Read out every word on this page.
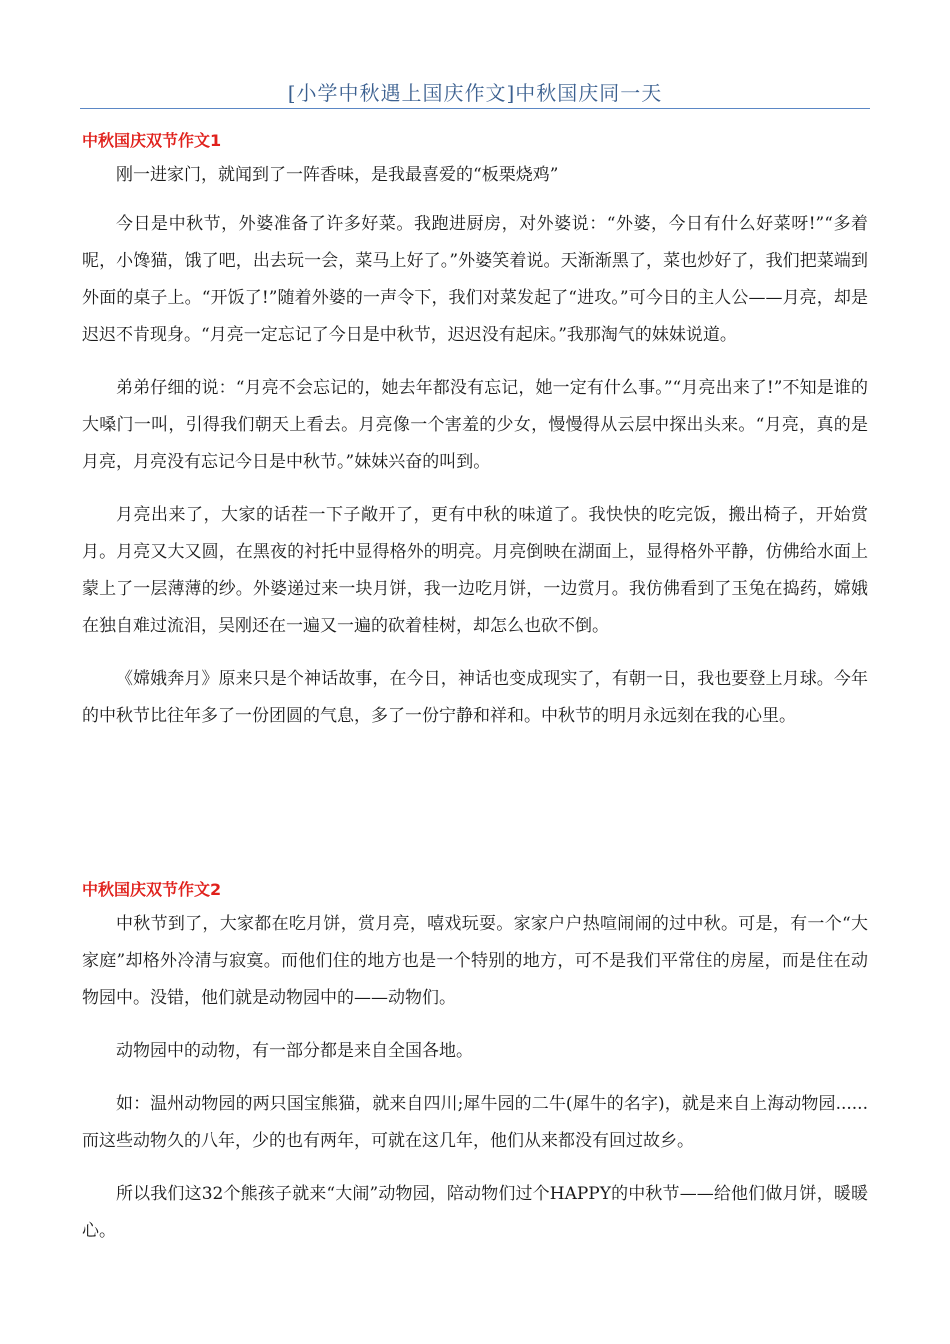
[小学中秋遇上国庆作文]中秋国庆同一天
中秋国庆双节作文1

刚一进家门，就闻到了一阵香味，是我最喜爱的“板栗烧鸡”

今日是中秋节，外婆准备了许多好菜。我跑进厨房，对外婆说：“外婆，今日有什么好菜呀!”“多着呢，小馋猫，饿了吧，出去玩一会，菜马上好了。”外婆笑着说。天渐渐黑了，菜也炒好了，我们把菜端到外面的桌子上。“开饭了!”随着外婆的一声令下，我们对菜发起了“进攻。”可今日的主人公——月亮，却是迟迟不肯现身。“月亮一定忘记了今日是中秋节，迟迟没有起床。”我那淘气的妹妹说道。

弟弟仔细的说：“月亮不会忘记的，她去年都没有忘记，她一定有什么事。”“月亮出来了!”不知是谁的大嗓门一叫，引得我们朝天上看去。月亮像一个害羞的少女，慢慢得从云层中探出头来。“月亮，真的是月亮，月亮没有忘记今日是中秋节。”妹妹兴奋的叫到。

月亮出来了，大家的话茬一下子敞开了，更有中秋的味道了。我快快的吃完饭，搬出椅子，开始赏月。月亮又大又圆，在黑夜的衬托中显得格外的明亮。月亮倒映在湖面上，显得格外平静，仿佛给水面上蒙上了一层薄薄的纱。外婆递过来一块月饼，我一边吃月饼，一边赏月。我仿佛看到了玉兔在捣药，嫦娥在独自难过流泪，吴刚还在一遍又一遍的砍着桂树，却怎么也砍不倒。

《嫦娥奔月》原来只是个神话故事，在今日，神话也变成现实了，有朝一日，我也要登上月球。今年的中秋节比往年多了一份团圆的气息，多了一份宁静和祥和。中秋节的明月永远刻在我的心里。

中秋国庆双节作文2

中秋节到了，大家都在吃月饼，赏月亮，嘻戏玩耍。家家户户热喧闹闹的过中秋。可是，有一个“大家庭”却格外冷清与寂寞。而他们住的地方也是一个特别的地方，可不是我们平常住的房屋，而是住在动物园中。没错，他们就是动物园中的——动物们。

动物园中的动物，有一部分都是来自全国各地。

如：温州动物园的两只国宝熊猫，就来自四川;犀牛园的二牛(犀牛的名字)，就是来自上海动物园......而这些动物久的八年，少的也有两年，可就在这几年，他们从来都没有回过故乡。

所以我们这32个熊孩子就来“大闹”动物园，陪动物们过个HAPPY的中秋节——给他们做月饼，暖暖心。
